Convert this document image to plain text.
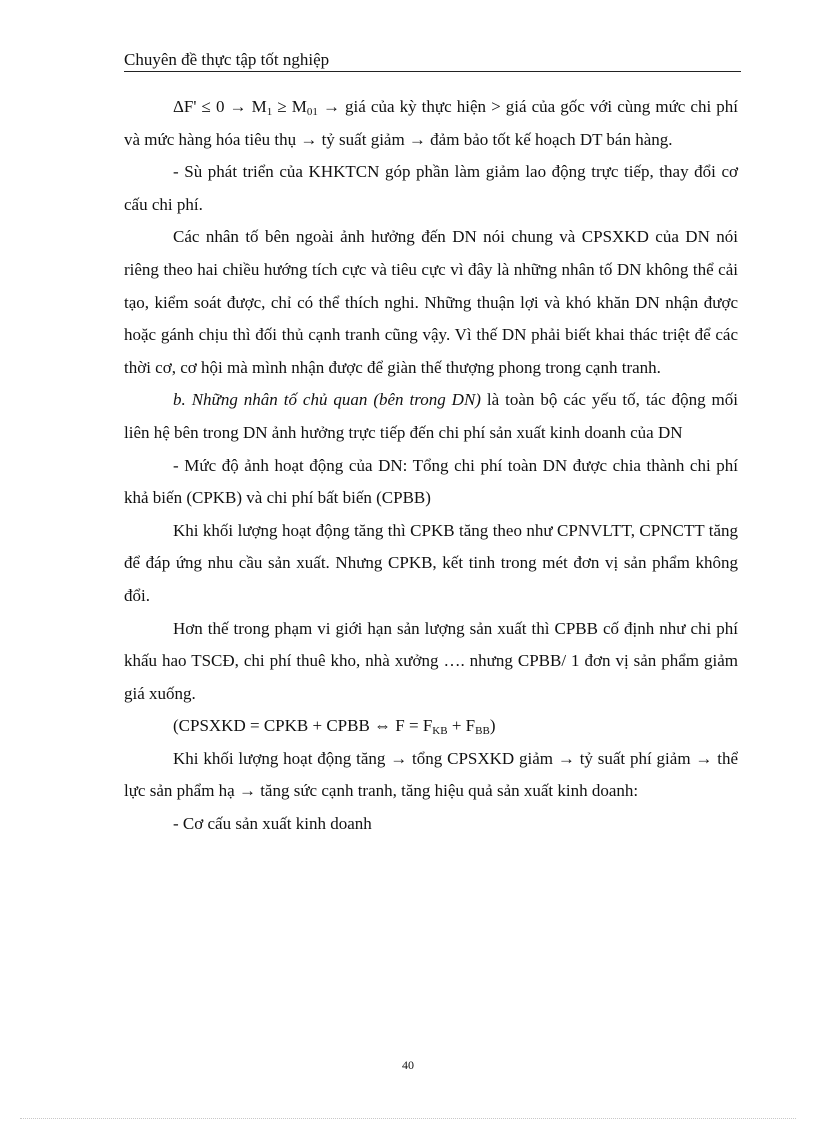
Chuyên đề thực tập tốt nghiệp

$\Delta F' \le 0 \to M_1 \ge M_{01}$ → giá của kỳ thực hiện > giá của gốc với cùng mức chi phí và mức hàng hóa tiêu thụ → tỷ suất giảm → đảm bảo tốt kế hoạch DT bán hàng.

- Sù phát triển của KHKTCN góp phần làm giảm lao động trực tiếp, thay đổi cơ cấu chi phí.

Các nhân tố bên ngoài ảnh hưởng đến DN nói chung và CPSXKD của DN nói riêng theo hai chiều hướng tích cực và tiêu cực vì đây là những nhân tố DN không thể cải tạo, kiểm soát được, chỉ có thể thích nghi. Những thuận lợi và khó khăn DN nhận được hoặc gánh chịu thì đối thủ cạnh tranh cũng vậy. Vì thế DN phải biết khai thác triệt để các thời cơ, cơ hội mà mình nhận được để giàn thế thượng phong trong cạnh tranh.

b. Những nhân tố chủ quan (bên trong DN) là toàn bộ các yếu tố, tác động mối liên hệ bên trong DN ảnh hưởng trực tiếp đến chi phí sản xuất kinh doanh của DN

- Mức độ ảnh hoạt động của DN: Tổng chi phí toàn DN được chia thành chi phí khả biến (CPKB) và chi phí bất biến (CPBB)

Khi khối lượng hoạt động tăng thì CPKB tăng theo như CPNVLTT, CPNCTT tăng để đáp ứng nhu cầu sản xuất. Nhưng CPKB, kết tinh trong mét đơn vị sản phẩm không đổi.

Hơn thế trong phạm vi giới hạn sản lượng sản xuất thì CPBB cố định như chi phí khấu hao TSCĐ, chi phí thuê kho, nhà xưởng …. nhưng CPBB/ 1 đơn vị sản phẩm giảm giá xuống.

(CPSXKD = CPKB + CPBB ⇔ $F = F_{KB} + F_{BB}$)

Khi khối lượng hoạt động tăng → tổng CPSXKD giảm → tỷ suất phí giảm → thể lực sản phẩm hạ → tăng sức cạnh tranh, tăng hiệu quả sản xuất kinh doanh:

- Cơ cấu sản xuất kinh doanh

40
